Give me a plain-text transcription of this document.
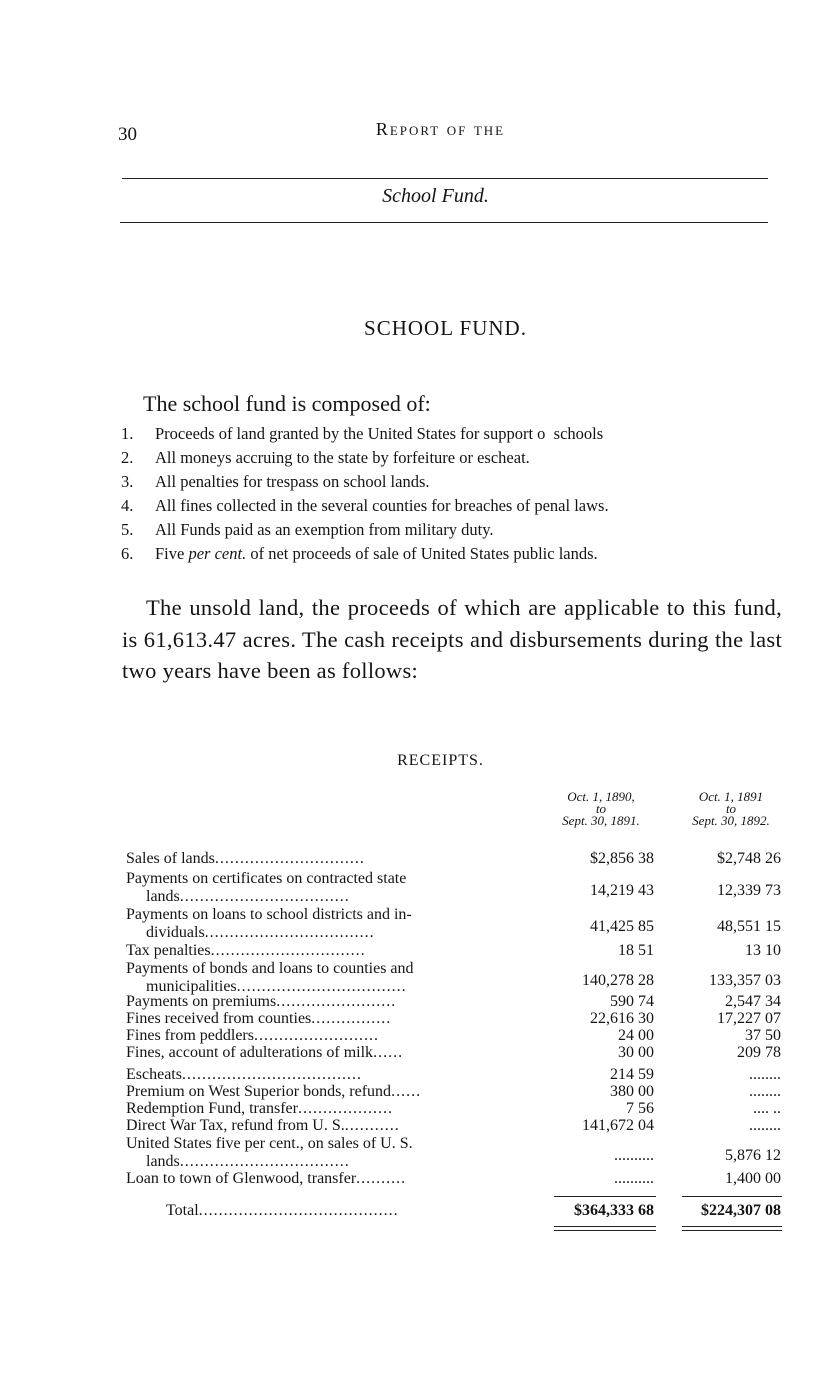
30	Report of the
School Fund.
SCHOOL FUND.
The school fund is composed of:
1. Proceeds of land granted by the United States for support o  schools
2. All moneys accruing to the state by forfeiture or escheat.
3. All penalties for trespass on school lands.
4. All fines collected in the several counties for breaches of penal laws.
5. All Funds paid as an exemption from military duty.
6. Five per cent. of net proceeds of sale of United States public lands.
The unsold land, the proceeds of which are applicable to this fund, is 61,613.47 acres. The cash receipts and disbursements during the last two years have been as follows:
RECEIPTS.
Oct. 1, 1890,
to
Sept. 30, 1891.
Oct. 1, 1891
to
Sept. 30, 1892.
Sales of lands..............................	$2,856 38	$2,748 26
Payments on certificates on contracted state
lands..................................	14,219 43	12,339 73
Payments on loans to school districts and in-
dividuals..................................	41,425 85	48,551 15
Tax penalties...............................	18 51	13 10
Payments of bonds and loans to counties and
municipalities..................................	140,278 28	133,357 03
Payments on premiums........................	590 74	2,547 34
Fines received from counties................	22,616 30	17,227 07
Fines from peddlers.........................	24 00	37 50
Fines, account of adulterations of milk......	30 00	209 78
Escheats....................................	214 59	........
Premium on West Superior bonds, refund......	380 00	........
Redemption Fund, transfer...................	7 56	.... ..
Direct War Tax, refund from U. S............	141,672 04	........
United States five per cent., on sales of U. S.
lands..................................	..........	5,876 12
Loan to town of Glenwood, transfer..........	..........	1,400 00
Total........................................	$364,333 68	$224,307 08
